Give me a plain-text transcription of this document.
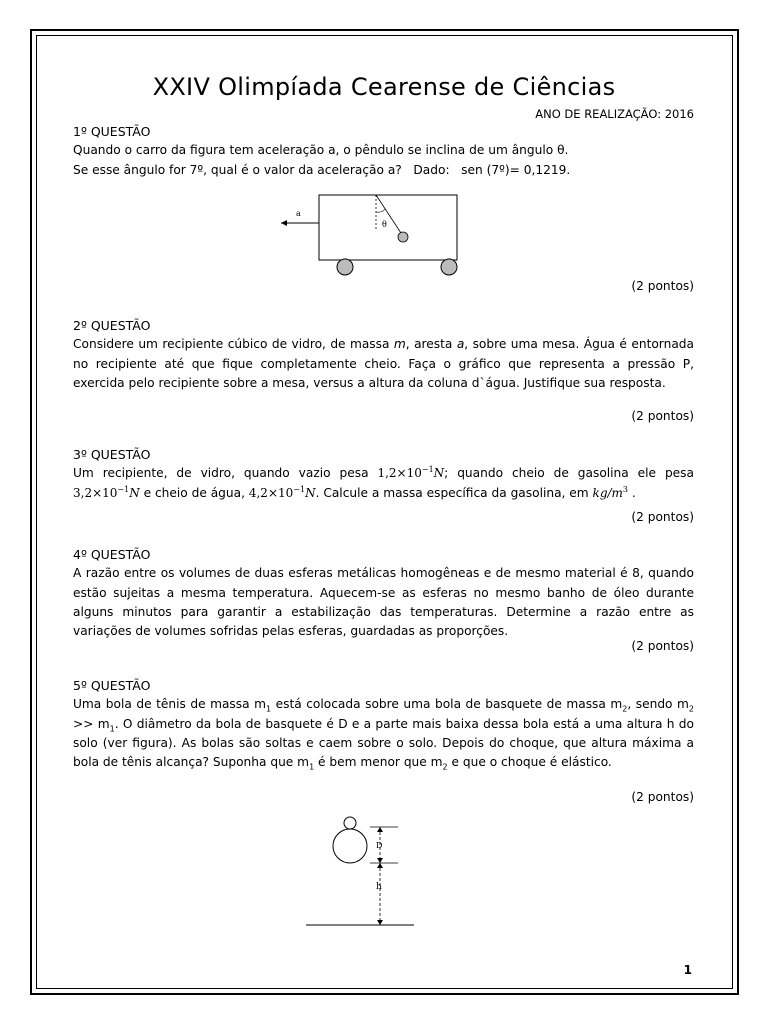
XXIV Olimpíada Cearense de Ciências
ANO DE REALIZAÇÃO: 2016
1º QUESTÃO
Quando o carro da figura tem aceleração a, o pêndulo se inclina de um ângulo θ.
Se esse ângulo for 7º, qual é o valor da aceleração a?   Dado:   sen (7º)= 0,1219.
a
θ
(2 pontos)
2º QUESTÃO
Considere um recipiente cúbico de vidro, de massa m, aresta a, sobre uma mesa. Água é entornada no recipiente até que fique completamente cheio. Faça o gráfico que representa a pressão P, exercida pelo recipiente sobre a mesa, versus a altura da coluna d`água. Justifique sua resposta.
(2 pontos)
3º QUESTÃO
Um recipiente, de vidro, quando vazio pesa $1,2\times 10^{-1}N$; quando cheio de gasolina ele pesa $3,2\times 10^{-1}N$ e cheio de água, $4,2\times 10^{-1}N$. Calcule a massa específica da gasolina, em $kg/m^3$ .
(2 pontos)
4º QUESTÃO
A razão entre os volumes de duas esferas metálicas homogêneas e de mesmo material é 8, quando estão sujeitas a mesma temperatura. Aquecem-se as esferas no mesmo banho de óleo durante alguns minutos para garantir a estabilização das temperaturas. Determine a razão entre as variações de volumes sofridas pelas esferas, guardadas as proporções.
(2 pontos)
5º QUESTÃO
Uma bola de tênis de massa $m_1$ está colocada sobre uma bola de basquete de massa $m_2$, sendo $m_2 >> m_1$. O diâmetro da bola de basquete é D e a parte mais baixa dessa bola está a uma altura h do solo (ver figura). As bolas são soltas e caem sobre o solo. Depois do choque, que altura máxima a bola de tênis alcança? Suponha que $m_1$ é bem menor que $m_2$ e que o choque é elástico.
(2 pontos)
D
h
1
